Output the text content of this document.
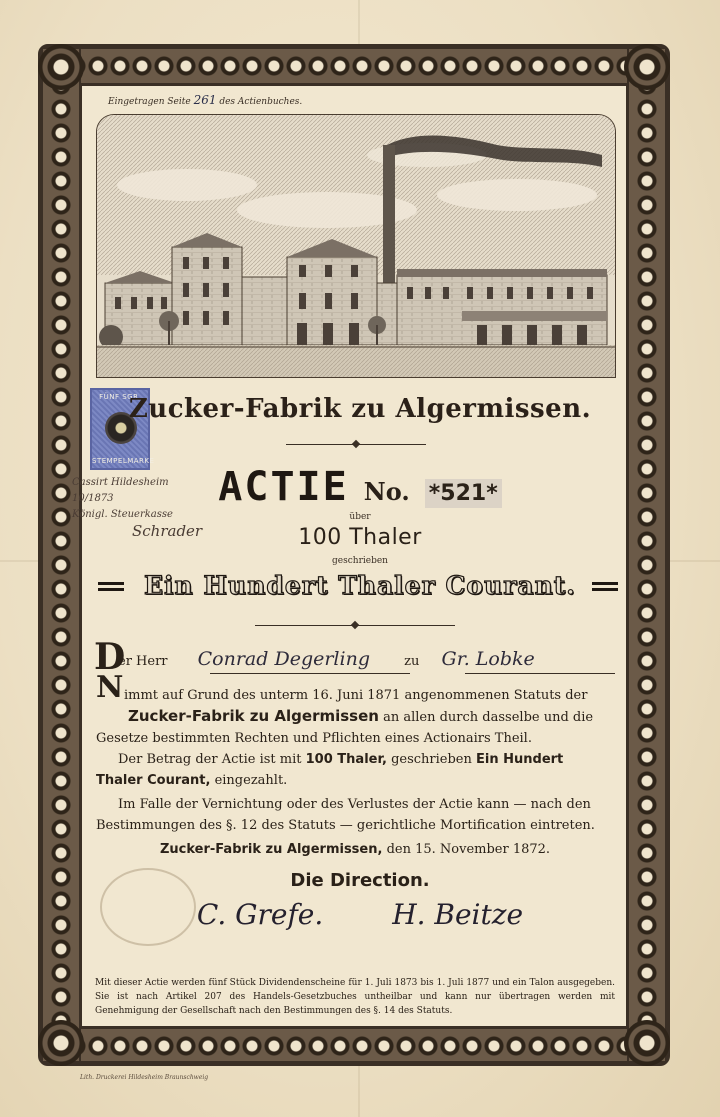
Eingetragen Seite 261 des Actienbuches.
FÜNF SGR.
STEMPELMARKE
Zucker-Fabrik zu Algermissen.
Cassirt Hildesheim 10/1873
Königl. Steuerkasse
Schrader
ACTIE No. *521*
über
100 Thaler
geschrieben
Ein Hundert Thaler Courant.
D
er Herr Conrad Degerling	zu Gr. Lobke
N immt auf Grund des unterm 16. Juni 1871 angenommenen Statuts der
Zucker-Fabrik zu Algermissen an allen durch dasselbe und die
Gesetze bestimmten Rechten und Pflichten eines Actionairs Theil.
Der Betrag der Actie ist mit 100 Thaler, geschrieben Ein Hundert
Thaler Courant, eingezahlt.
Im Falle der Vernichtung oder des Verlustes der Actie kann — nach den
Bestimmungen des §. 12 des Statuts — gerichtliche Mortification eintreten.
Zucker-Fabrik zu Algermissen, den 15. November 1872.
Die Direction.
C. Grefe. H. Beitze
Mit dieser Actie werden fünf Stück Dividendenscheine für 1. Juli 1873 bis 1. Juli 1877 und ein Talon ausgegeben. Sie ist nach Artikel 207 des Handels-Gesetzbuches untheilbar und kann nur übertragen werden mit Genehmigung der Gesellschaft nach den Bestimmungen des §. 14 des Statuts.
Lith. Druckerei Hildesheim Braunschweig
